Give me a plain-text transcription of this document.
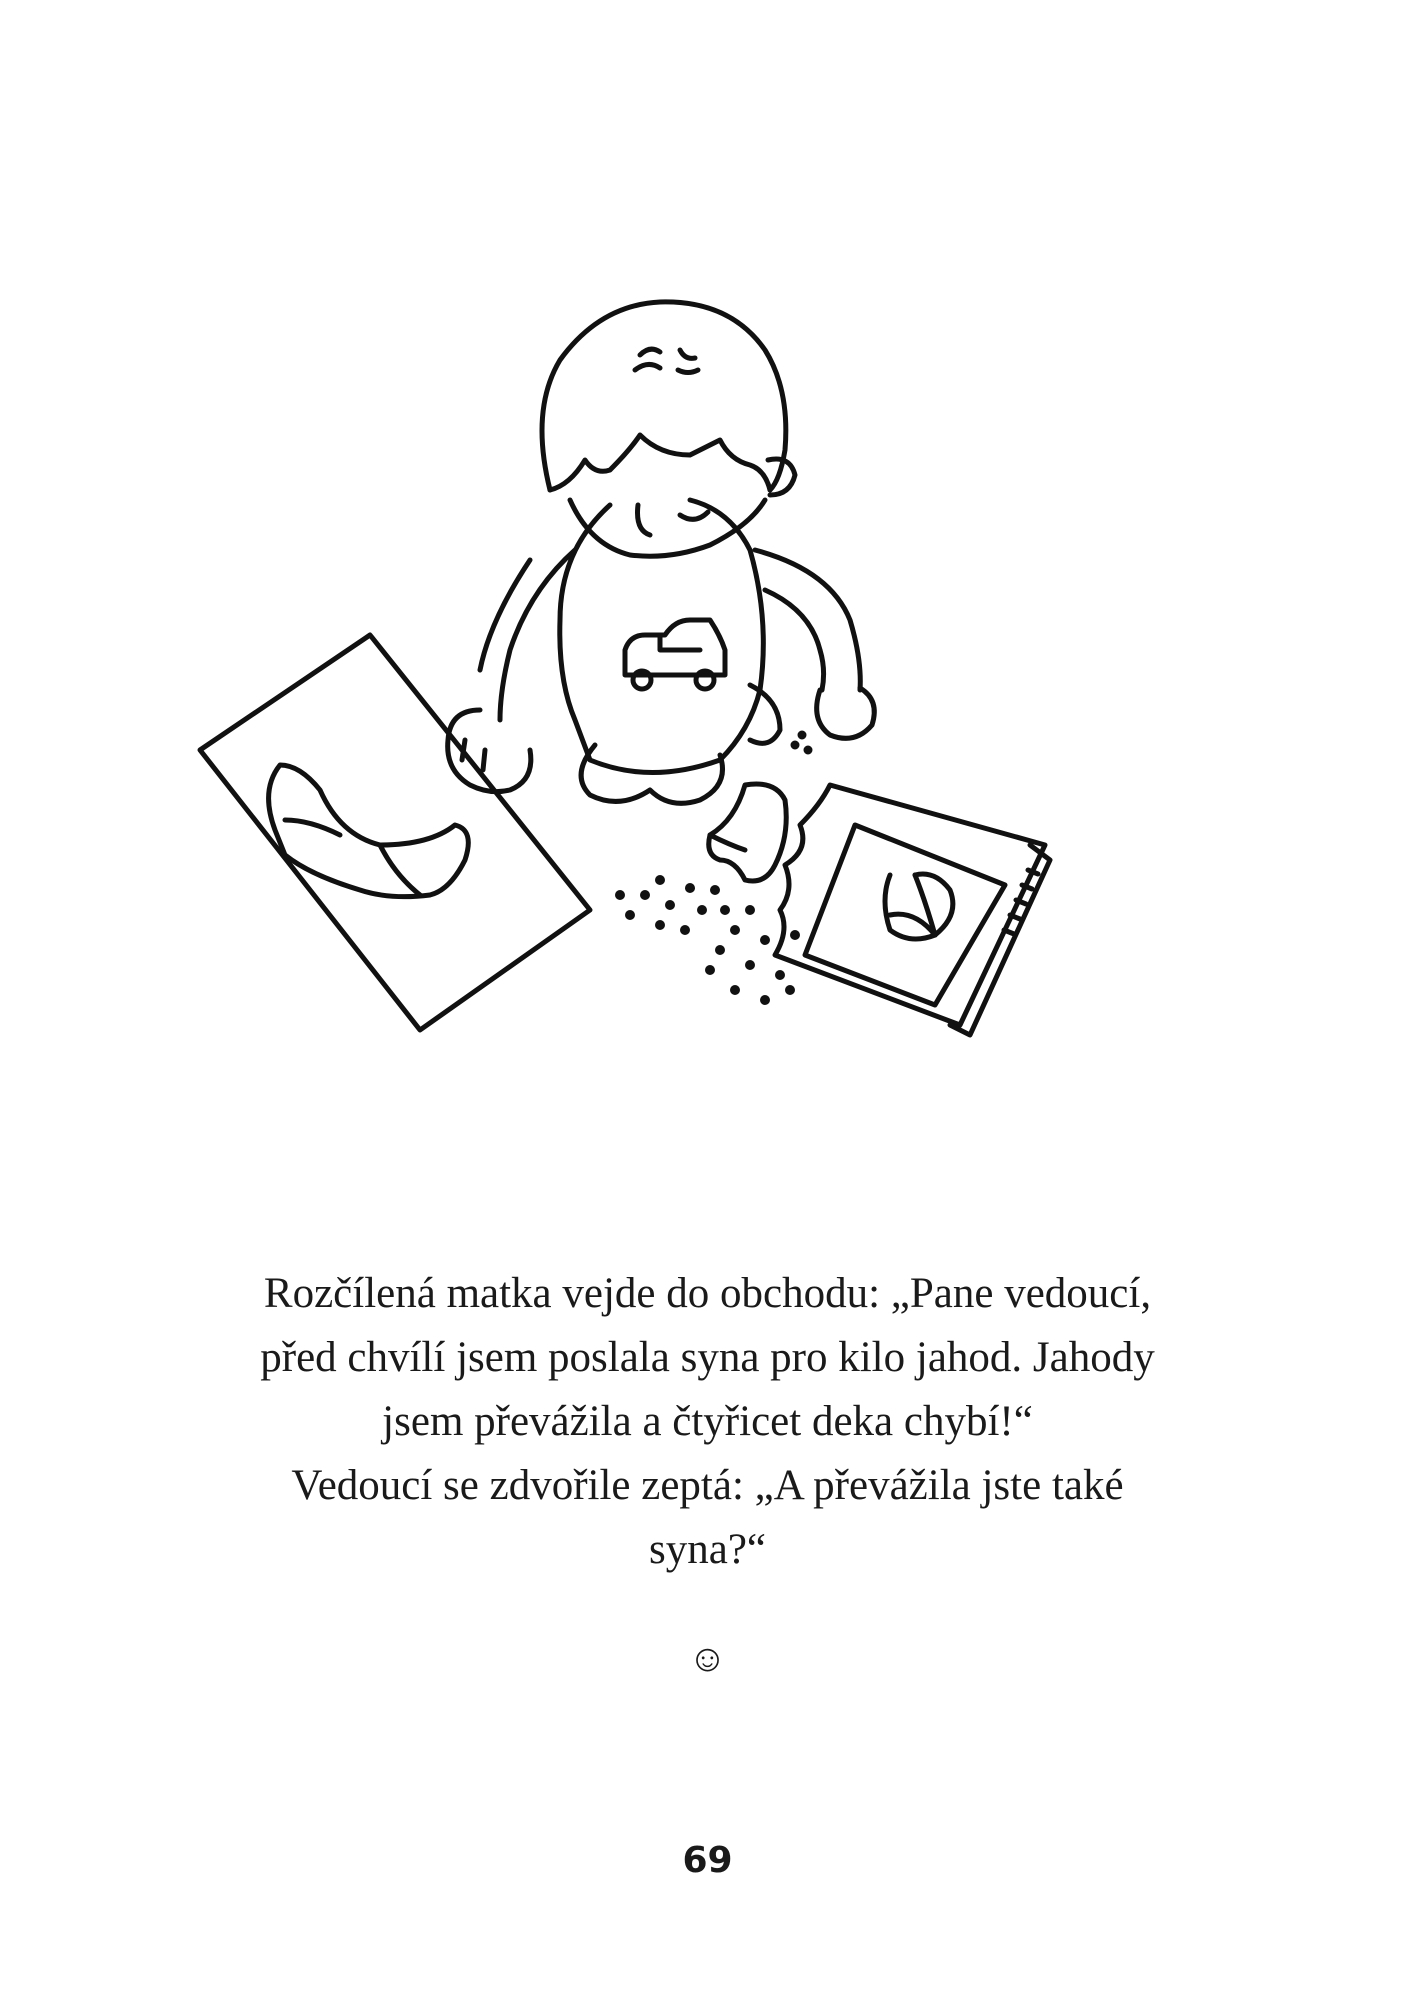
Rozčílená matka vejde do obchodu: „Pane vedoucí,

před chvílí jsem poslala syna pro kilo jahod. Jahody

jsem převážila a čtyřicet deka chybí!“

Vedoucí se zdvořile zeptá: „A převážila jste také

syna?“

☺
69
